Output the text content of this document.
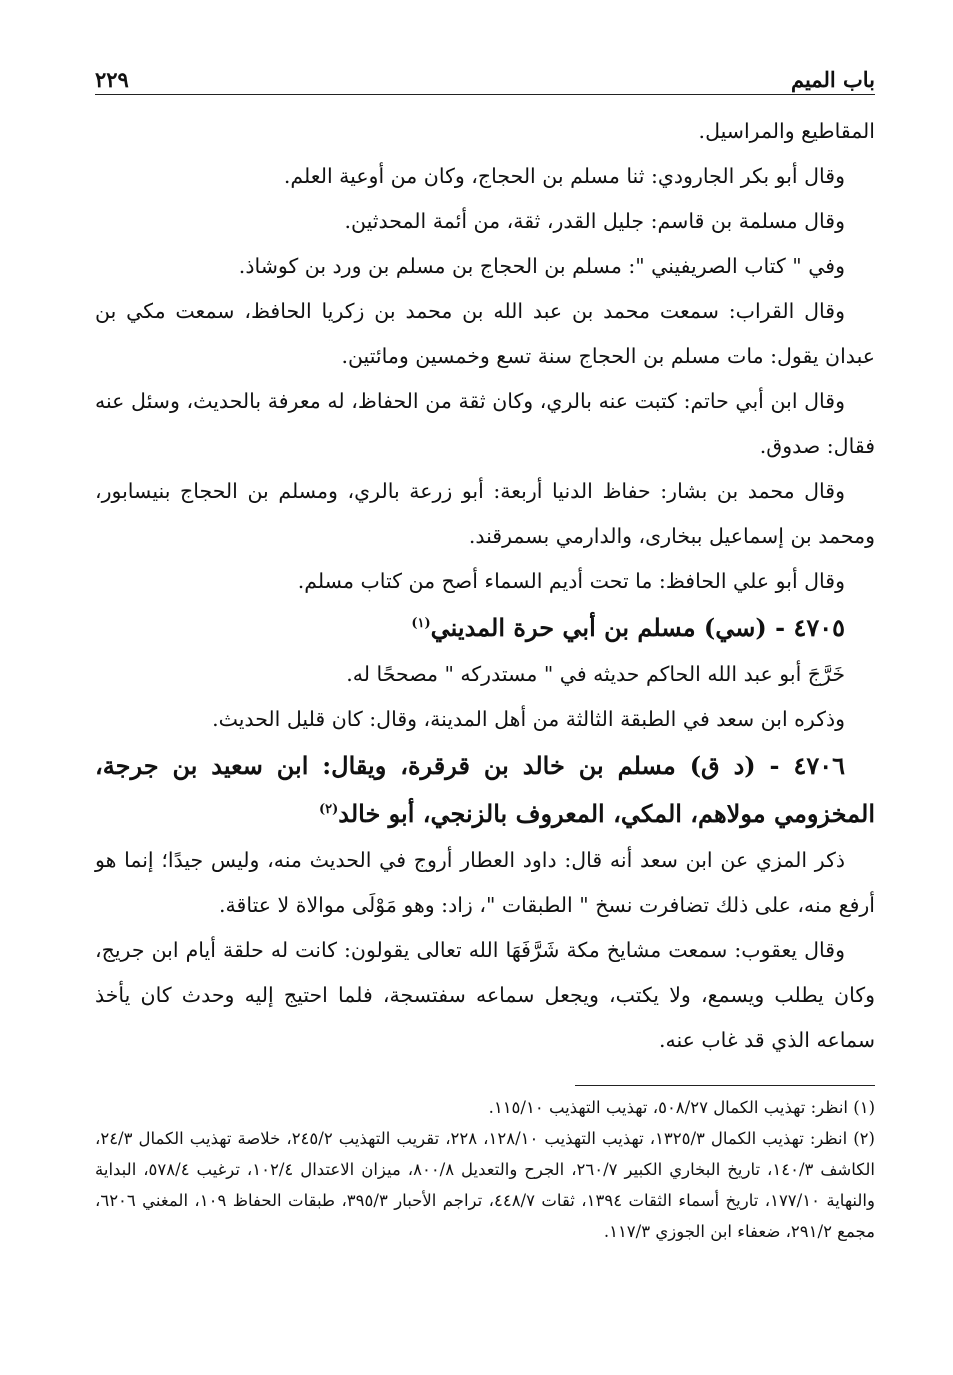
باب الميم
٢٢٩

المقاطيع والمراسيل.

وقال أبو بكر الجارودي: ثنا مسلم بن الحجاج، وكان من أوعية العلم.

وقال مسلمة بن قاسم: جليل القدر، ثقة، من أئمة المحدثين.

وفي " كتاب الصريفيني ": مسلم بن الحجاج بن مسلم بن ورد بن كوشاذ.

وقال القراب: سمعت محمد بن عبد الله بن محمد بن زكريا الحافظ، سمعت مكي بن عبدان يقول: مات مسلم بن الحجاج سنة تسع وخمسين ومائتين.

وقال ابن أبي حاتم: كتبت عنه بالري، وكان ثقة من الحفاظ، له معرفة بالحديث، وسئل عنه فقال: صدوق.

وقال محمد بن بشار: حفاظ الدنيا أربعة: أبو زرعة بالري، ومسلم بن الحجاج بنيسابور، ومحمد بن إسماعيل ببخارى، والدارمي بسمرقند.

وقال أبو علي الحافظ: ما تحت أديم السماء أصح من كتاب مسلم.

٤٧٠٥ - (سي) مسلم بن أبي حرة المديني$^{(١)}$

خَرَّجَ أبو عبد الله الحاكم حديثه في " مستدركه " مصححًا له.

وذكره ابن سعد في الطبقة الثالثة من أهل المدينة، وقال: كان قليل الحديث.

٤٧٠٦ - (د ق) مسلم بن خالد بن قرقرة، ويقال: ابن سعيد بن جرجة، المخزومي مولاهم، المكي، المعروف بالزنجي، أبو خالد$^{(٢)}$

ذكر المزي عن ابن سعد أنه قال: داود العطار أروج في الحديث منه، وليس جيدًا؛ إنما هو أرفع منه، على ذلك تضافرت نسخ " الطبقات "، زاد: وهو مَوْلَى موالاة لا عتاقة.

وقال يعقوب: سمعت مشايخ مكة شَرَّفَهَا الله تعالى يقولون: كانت له حلقة أيام ابن جريج، وكان يطلب ويسمع، ولا يكتب، ويجعل سماعه سفتسجة، فلما احتيج إليه وحدث كان يأخذ سماعه الذي قد غاب عنه.

(١) انظر: تهذيب الكمال ٥٠٨/٢٧، تهذيب التهذيب ١١٥/١٠.

(٢) انظر: تهذيب الكمال ١٣٢٥/٣، تهذيب التهذيب ١٢٨/١٠، ٢٢٨، تقريب التهذيب ٢٤٥/٢، خلاصة تهذيب الكمال ٢٤/٣، الكاشف ١٤٠/٣، تاريخ البخاري الكبير ٢٦٠/٧، الجرح والتعديل ٨٠٠/٨، ميزان الاعتدال ١٠٢/٤، ترغيب ٥٧٨/٤، البداية والنهاية ١٧٧/١٠، تاريخ أسماء الثقات ١٣٩٤، ثقات ٤٤٨/٧، تراجم الأحبار ٣٩٥/٣، طبقات الحفاظ ١٠٩، المغني ٦٢٠٦، مجمع ٢٩١/٢، ضعفاء ابن الجوزي ١١٧/٣.
